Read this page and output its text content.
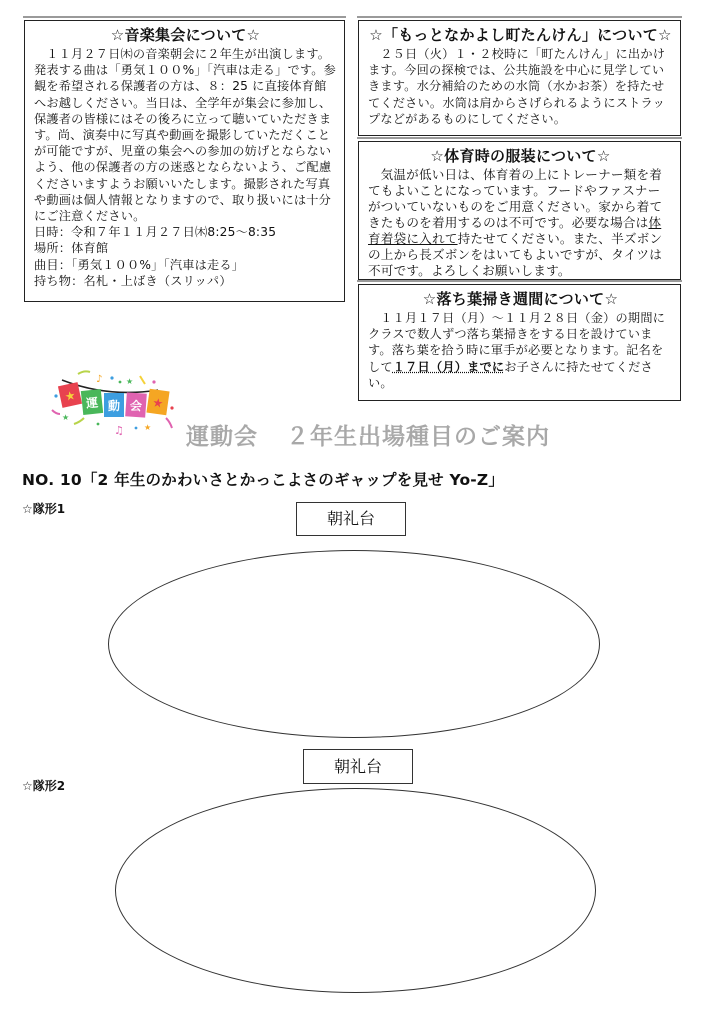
☆音楽集会について☆

１１月２７日㈭の音楽朝会に２年生が出演します。発表する曲は「勇気１００%」「汽車は走る」です。参観を希望される保護者の方は、８：25 に直接体育館へお越しください。当日は、全学年が集会に参加し、保護者の皆様にはその後ろに立って聴いていただきます。尚、演奏中に写真や動画を撮影していただくことが可能ですが、児童の集会への参加の妨げとならないよう、他の保護者の方の迷惑とならないよう、ご配慮くださいますようお願いいたします。撮影された写真や動画は個人情報となりますので、取り扱いには十分にご注意ください。

日時：令和７年１１月２７日㈭8:25～8:35

場所：体育館

曲目：「勇気１００%」「汽車は走る」

持ち物：名札・上ばき（スリッパ）

☆「もっとなかよし町たんけん」について☆

２５日（火）１・２校時に「町たんけん」に出かけます。今回の探検では、公共施設を中心に見学していきます。水分補給のための水筒（水かお茶）を持たせてください。水筒は肩からさげられるようにストラップなどがあるものにしてください。

☆体育時の服装について☆

気温が低い日は、体育着の上にトレーナー類を着てもよいことになっています。フードやファスナーがついていないものをご用意ください。家から着てきたものを着用するのは不可です。必要な場合は体育着袋に入れて持たせてください。また、半ズボンの上から長ズボンをはいてもよいですが、タイツは不可です。よろしくお願いします。

☆落ち葉掃き週間について☆

１１月１７日（月）～１１月２８日（金）の期間にクラスで数人ずつ落ち葉掃きをする日を設けています。落ち葉を拾う時に軍手が必要となります。記名をして１７日（月）までにお子さんに持たせてください。

★ 運 動 会 ★
♪	★
★
♫	★ 運動会 ２年生出場種目のご案内
NO. 10「2 年生のかわいさとかっこよさのギャップを見せ Yo-Z」
☆隊形1	朝礼台
☆隊形2
朝礼台
